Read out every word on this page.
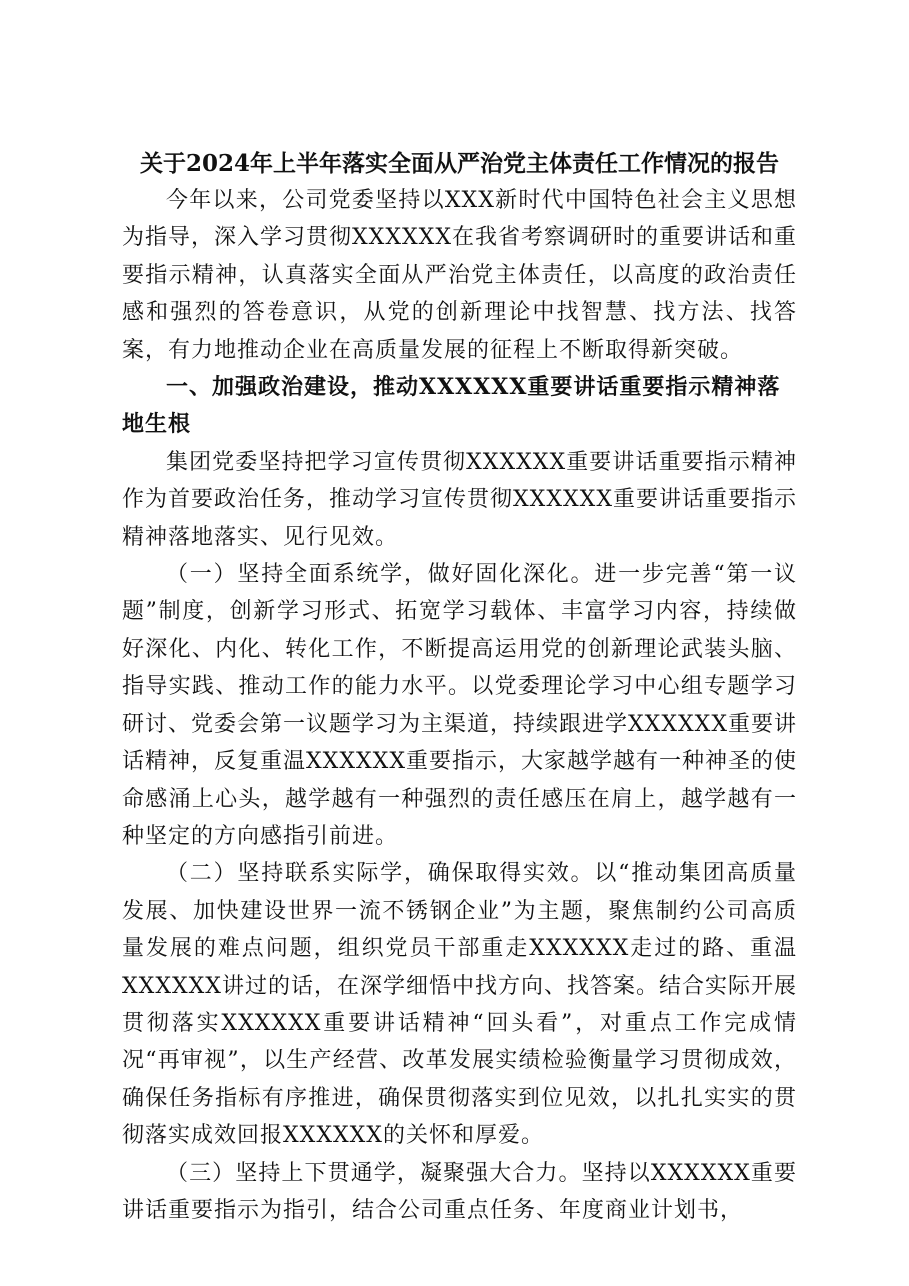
关于2024年上半年落实全面从严治党主体责任工作情况的报告

今年以来，公司党委坚持以XXX新时代中国特色社会主义思想为指导，深入学习贯彻XXXXXX在我省考察调研时的重要讲话和重要指示精神，认真落实全面从严治党主体责任，以高度的政治责任感和强烈的答卷意识，从党的创新理论中找智慧、找方法、找答案，有力地推动企业在高质量发展的征程上不断取得新突破。

一、加强政治建设，推动XXXXXX重要讲话重要指示精神落地生根

集团党委坚持把学习宣传贯彻XXXXXX重要讲话重要指示精神作为首要政治任务，推动学习宣传贯彻XXXXXX重要讲话重要指示精神落地落实、见行见效。

（一）坚持全面系统学，做好固化深化。进一步完善“第一议题”制度，创新学习形式、拓宽学习载体、丰富学习内容，持续做好深化、内化、转化工作，不断提高运用党的创新理论武装头脑、指导实践、推动工作的能力水平。以党委理论学习中心组专题学习研讨、党委会第一议题学习为主渠道，持续跟进学XXXXXX重要讲话精神，反复重温XXXXXX重要指示，大家越学越有一种神圣的使命感涌上心头，越学越有一种强烈的责任感压在肩上，越学越有一种坚定的方向感指引前进。

（二）坚持联系实际学，确保取得实效。以“推动集团高质量发展、加快建设世界一流不锈钢企业”为主题，聚焦制约公司高质量发展的难点问题，组织党员干部重走XXXXXX走过的路、重温XXXXXX讲过的话，在深学细悟中找方向、找答案。结合实际开展贯彻落实XXXXXX重要讲话精神“回头看”，对重点工作完成情况“再审视”，以生产经营、改革发展实绩检验衡量学习贯彻成效，确保任务指标有序推进，确保贯彻落实到位见效，以扎扎实实的贯彻落实成效回报XXXXXX的关怀和厚爱。

（三）坚持上下贯通学，凝聚强大合力。坚持以XXXXXX重要讲话重要指示为指引，结合公司重点任务、年度商业计划书，
